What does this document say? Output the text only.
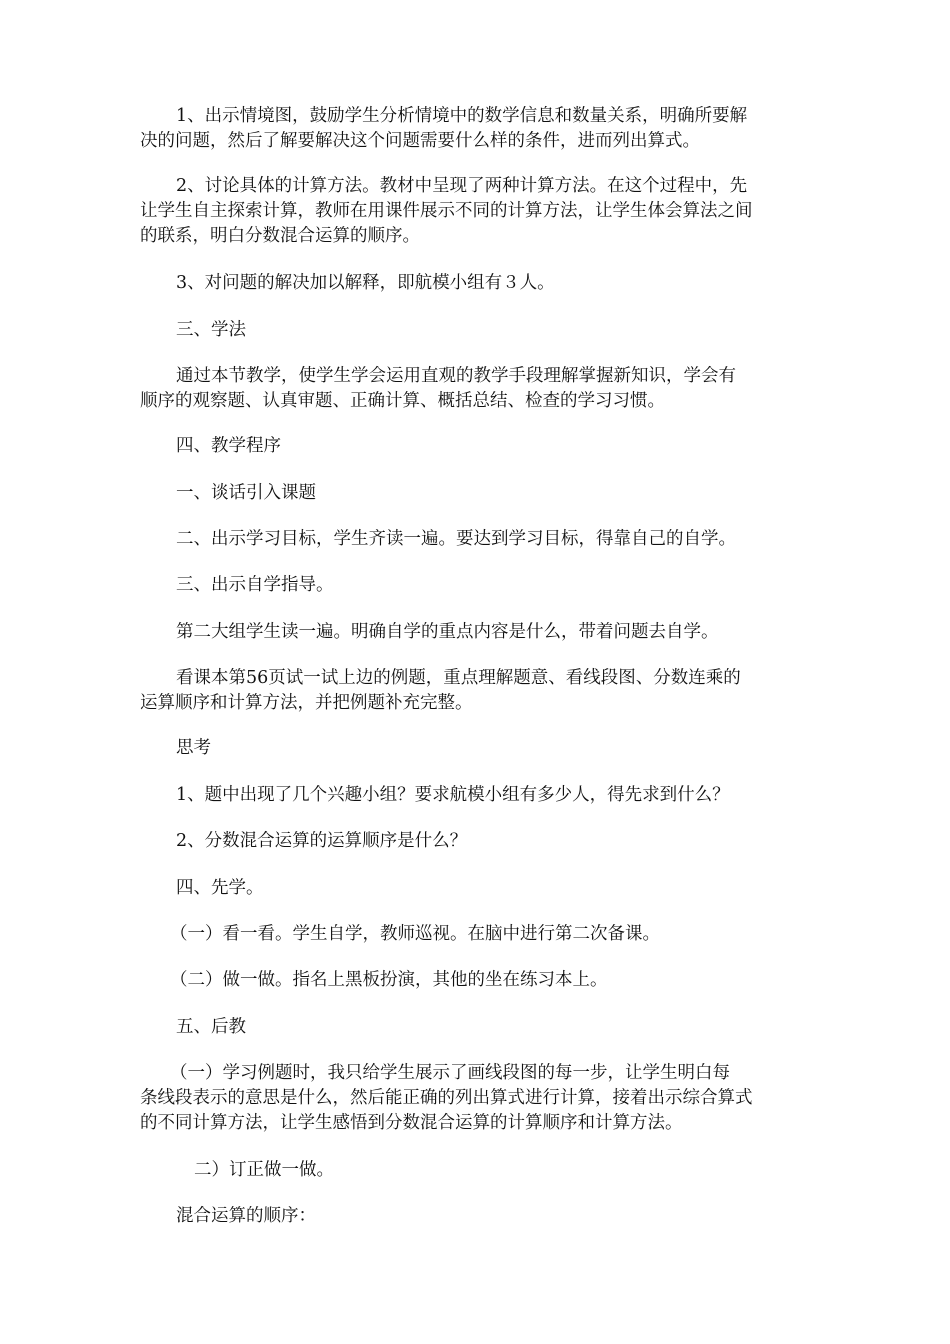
1、出示情境图，鼓励学生分析情境中的数学信息和数量关系，明确所要解
决的问题，然后了解要解决这个问题需要什么样的条件，进而列出算式。

2、讨论具体的计算方法。教材中呈现了两种计算方法。在这个过程中，先
让学生自主探索计算，教师在用课件展示不同的计算方法，让学生体会算法之间
的联系，明白分数混合运算的顺序。

3、对问题的解决加以解释，即航模小组有３人。

三、学法

通过本节教学，使学生学会运用直观的教学手段理解掌握新知识，学会有
顺序的观察题、认真审题、正确计算、概括总结、检查的学习习惯。

四、教学程序

一、谈话引入课题

二、出示学习目标，学生齐读一遍。要达到学习目标，得靠自己的自学。

三、出示自学指导。

第二大组学生读一遍。明确自学的重点内容是什么，带着问题去自学。

看课本第56页试一试上边的例题，重点理解题意、看线段图、分数连乘的
运算顺序和计算方法，并把例题补充完整。

思考

1、题中出现了几个兴趣小组？要求航模小组有多少人，得先求到什么？

2、分数混合运算的运算顺序是什么？

四、先学。

（一）看一看。学生自学，教师巡视。在脑中进行第二次备课。

（二）做一做。指名上黑板扮演，其他的坐在练习本上。

五、后教

（一）学习例题时，我只给学生展示了画线段图的每一步，让学生明白每
条线段表示的意思是什么，然后能正确的列出算式进行计算，接着出示综合算式
的不同计算方法，让学生感悟到分数混合运算的计算顺序和计算方法。

二）订正做一做。

混合运算的顺序：
